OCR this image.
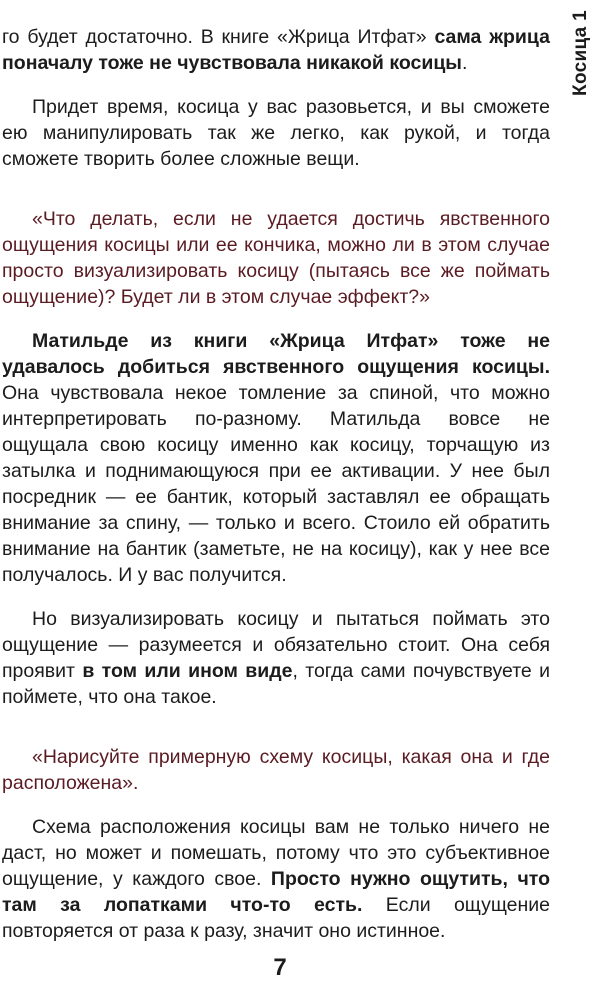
Косица 1

го будет достаточно. В книге «Жрица Итфат» сама жрица поначалу тоже не чувствовала никакой косицы.

Придет время, косица у вас разовьется, и вы сможете ею манипулировать так же легко, как рукой, и тогда сможете творить более сложные вещи.

«Что делать, если не удается достичь явственного ощущения косицы или ее кончика, можно ли в этом случае просто визуализировать косицу (пытаясь все же поймать ощущение)? Будет ли в этом случае эффект?»

Матильде из книги «Жрица Итфат» тоже не удавалось добиться явственного ощущения косицы. Она чувствовала некое томление за спиной, что можно интерпретировать по-разному. Матильда вовсе не ощущала свою косицу именно как косицу, торчащую из затылка и поднимающуюся при ее активации. У нее был посредник — ее бантик, который заставлял ее обращать внимание за спину, — только и всего. Стоило ей обратить внимание на бантик (заметьте, не на косицу), как у нее все получалось. И у вас получится.

Но визуализировать косицу и пытаться поймать это ощущение — разумеется и обязательно стоит. Она себя проявит в том или ином виде, тогда сами почувствуете и поймете, что она такое.

«Нарисуйте примерную схему косицы, какая она и где расположена».

Схема расположения косицы вам не только ничего не даст, но может и помешать, потому что это субъективное ощущение, у каждого свое. Просто нужно ощутить, что там за лопатками что-то есть. Если ощущение повторяется от раза к разу, значит оно истинное.

7
